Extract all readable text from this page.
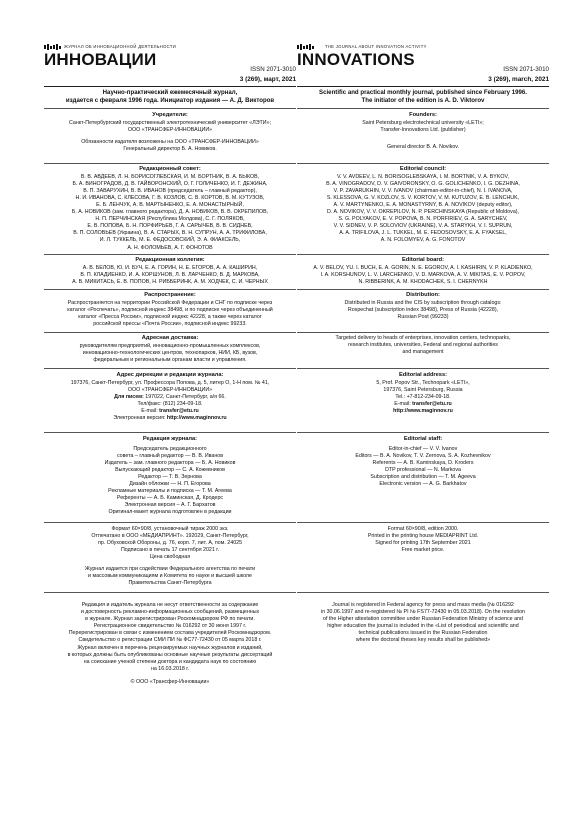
ЖУРНАЛ ОБ ИННОВАЦИОННОЙ ДЕЯТЕЛЬНОСТИ
ИННОВАЦИИ
ISSN 2071-3010
3 (269), март, 2021

Научно-практический ежемесячный журнал,

издается с февраля 1996 года. Инициатор издания — А. Д. Викторов

Учредители:

Санкт-Петербургский государственный электротехнический университет «ЛЭТИ»;

ООО «ТРАНСФЕР-ИННОВАЦИИ»

Обязанности издателя возложены на ООО «ТРАНСФЕР-ИННОВАЦИИ»

Генеральный директор Б. А. Новиков.

Редакционный совет:

В. В. АВДЕЕВ, Л. Н. БОРИСОГЛЕБСКАЯ, И. М. БОРТНИК, В. А. БЫКОВ,

Б. А. ВИНОГРАДОВ, Д. В. ГАЙВОРОНСКИЙ, О. Г. ГОЛИЧЕНКО, И. Г. ДЕЖИНА,

В. П. ЗАВАРУХИН, В. В. ИВАНОВ (председатель – главный редактор),

Н. И. ИВАНОВА, С. КЛЕСОВА, Г. В. КОЗЛОВ, С. В. КОРТОВ, В. М. КУТУЗОВ,

Е. Б. ЛЕНЧУК, А. В. МАРТЫНЕНКО, Е. А. МОНАСТЫРНЫЙ,

Б. А. НОВИКОВ (зам. главного редактора), Д. А. НОВИКОВ, В. В. ОКРЕПИЛОВ,

Н. П. ПЕРЧИНСКАЯ (Республика Молдова), С. Г. ПОЛЯКОВ,

Е. В. ПОПОВА, Б. Н. ПОРФИРЬЕВ, Г. А. САРЫЧЕВ, В. В. СИДНЕВ,

В. П. СОЛОВЬЕВ (Украина), В. А. СТАРЫХ, В. Н. СУПРУН, А. А. ТРИФИЛОВА,

И. Л. ТУККЕЛЬ, М. Е. ФЕДОСОВСКИЙ, Э. А. ФИАКСЕЛЬ,

А. Н. ФОЛОМЬЕВ, А. Г. ФОНОТОВ

Редакционная коллегия:

А. В. БЕЛОВ, Ю. И. БУЧ, Е. А. ГОРИН, Н. Е. ЕГОРОВ, А. А. КАШИРИН,

В. П. КЛАДИЕНКО, И. А. КОРШУНОВ, Л. В. ЛАРЧЕНКО, В. Д. МАРКОВА,

А. В. МИКИТАСЬ, Е. В. ПОПОВ, Н. РИББЕРИНК, А. М. ХОДЧЕК, С. И. ЧЕРНЫХ

Распространение:

Распространяется на территории Российской Федерации и СНГ по подписке через

каталог «Роспечать», подписной индекс 38498, и по подписке через объединенный

каталог «Пресса России», подписной индекс 42228, а также через каталог

российской прессы «Почта России», подписной индекс 99233.

Адресная доставка:

руководителям предприятий, инновационно-промышленных комплексов,

инновационно-технологических центров, технопарков, НИИ, КБ, вузов,

федеральным и региональным органам власти и управления.

Адрес дирекции и редакции журнала:

197376, Санкт-Петербург, ул. Профессора Попова, д. 5, литер О, 1-Н пом. № 41,

ООО «ТРАНСФЕР-ИННОВАЦИИ»

Для писем: 197022, Санкт-Петербург, а/я 66.

Тел/факс: (812) 234-09-18.

E-mail: transfer@etu.ru

Электронная версия: http://www.maginnov.ru

Редакция журнала:

Председатель редакционного

совета – главный редактор — В. В. Иванов

Издатель – зам. главного редактора — Б. А. Новиков

Выпускающий редактор — С. А. Кожевников

Редактор — Т. В. Зернова

Дизайн обложки — Н. П. Егорова

Рекламные материалы и подписка — Т. М. Агеева

Референты — А. Б. Каминская, Д. Кродерс

Электронная версия – А. Г. Бархатов

Оригинал-макет журнала подготовлен в редакции

Формат 60×90/8, установочный тираж 2000 экз.

Отпечатано в ООО «МЕДИАПРИНТ». 192029, Санкт-Петербург,

пр. Обуховской Обороны, д. 76, корп. 7, лит. А, пом. 24025

Подписано в печать 17 сентября 2021 г.

Цена свободная

Журнал издается при содействии Федерального агентства по печати

и массовым коммуникациям и Комитета по науке и высшей школе

Правительства Санкт-Петербурга

Редакция и издатель журнала не несут ответственности за содержание

и достоверность рекламно-информационных сообщений, размещенных

в журнале. Журнал зарегистрирован Роскомнадзором РФ по печати.

Регистрационное свидетельство № 016292 от 30 июня 1997 г.

Перерегистрирован в связи с изменением состава учредителей Роскомнадзором.

Свидетельство о регистрации СМИ ПИ № ФС77-72430 от 05 марта 2018 г.

Журнал включен в перечень рецензируемых научных журналов и изданий,

в которых должны быть опубликованы основные научные результаты диссертаций

на соискание ученой степени доктора и кандидата наук по состоянию

на 16.03.2018 г.

© ООО «Трансфер-Инновации»

THE JOURNAL ABOUT INNOVATION ACTIVITY
INNOVATIONS
ISSN 2071-3010
3 (269), march, 2021

Scientific and practical monthly journal, published since February 1996.

The initiator of the edition is A. D. Viktorov

Founders:

Saint Petersburg electrotechnical university «LETI»;

Transfer-Innovations Ltd. (publisher)

General director B. A. Novikov.

Editorial council:

V. V. AVDEEV, L. N. BORISOGLEBSKAYA, I. M. BORTNIK, V. A. BYKOV,

B. A. VINOGRADOV, D. V. GAIVORONSKY, O. G. GOLICHENKO, I. G. DEZHINA,

V. P. ZAVARUKHIN, V. V. IVANOV (chairman-editor-in-chief), N. I. IVANOVA,

S. KLESSOVA, G. V. KOZLOV, S. V. KORTOV, V. M. KUTUZOV, E. B. LENCHUK,

A. V. MARTYNENKO, E. A. MONASTYRNY, B. A. NOVIKOV (deputy editor),

D. A. NOVIKOV, V. V. OKREPILOV, N. P. PERCHINSKAYA (Republic of Moldova),

S. G. POLYAKOV, E. V. POPOVA, B. N. PORFIRIEV, G. A. SARYCHEV,

V. V. SIDNEV, V. P. SOLOVIOV (UKRAINE), V. A. STARYKH, V. I. SUPRUN,

A. A. TRIFILOVA, J. L. TUKKEL, M. E. FEDOSOVSKY, E. A. FYAKSEL,

A. N. FOLOMYEV, A. G. FONOTOV

Editorial board:

A. V. BELOV, YU. I. BUCH, E. A. GORIN, N. E. EGOROV, A. I. KASHIRIN, V. P. KLADIENKO,

I. A. KORSHUNOV, L. V. LARCHENKO, V. D. MARKOVA, A. V. MIKITAS, E. V. POPOV,

N. RIBBERINK, A. M. KHODACHEK, S. I. CHERNYKH

Distribution:

Distributed in Russia and the CIS by subscription through catalogs:

Rospechat (subscription index 38498), Press of Russia (42228),

Russian Post (99233)

Targeted delivery to heads of enterprises, innovation centers, technoparks,

research institutes, universities, Federal and regional authorities

and management

Editorial address:

5, Prof. Popov Str., Technopark «LETI»,

197376, Saint Petersburg, Russia

Tel.: +7-812-234-09-18.

E-mail: transfer@etu.ru

http://www.maginnov.ru

Editorial staff:

Editor-in-chief — V. V. Ivanov

Editors — B. A. Novikov, T. V. Zernova, S. A. Kozhevnikov

Referents — A. B. Kaminskaya, D. Kroders

DTP professional — N. Markova

Subscription and distribution — T. M. Ageeva

Electronic version — A. G. Barkhatov

Format 60×90/8, edition 2000.

Printed in the printing house MEDIAPRINT Ltd.

Signed for printing 17th September 2021

Free market price.

Journal is registered in Federal agency for press and mass media (№ 016292

in 30.06.1997 and re-registered № PI № FS77-72430 in 05.03.2018). On the resolution

of the Higher attestation committee under Russian Federation Ministry of science and

higher education the journal is included in the «List of periodical and scientific and

technical publications issued in the Russian Federation

where the doctoral theses key results shall be published»
